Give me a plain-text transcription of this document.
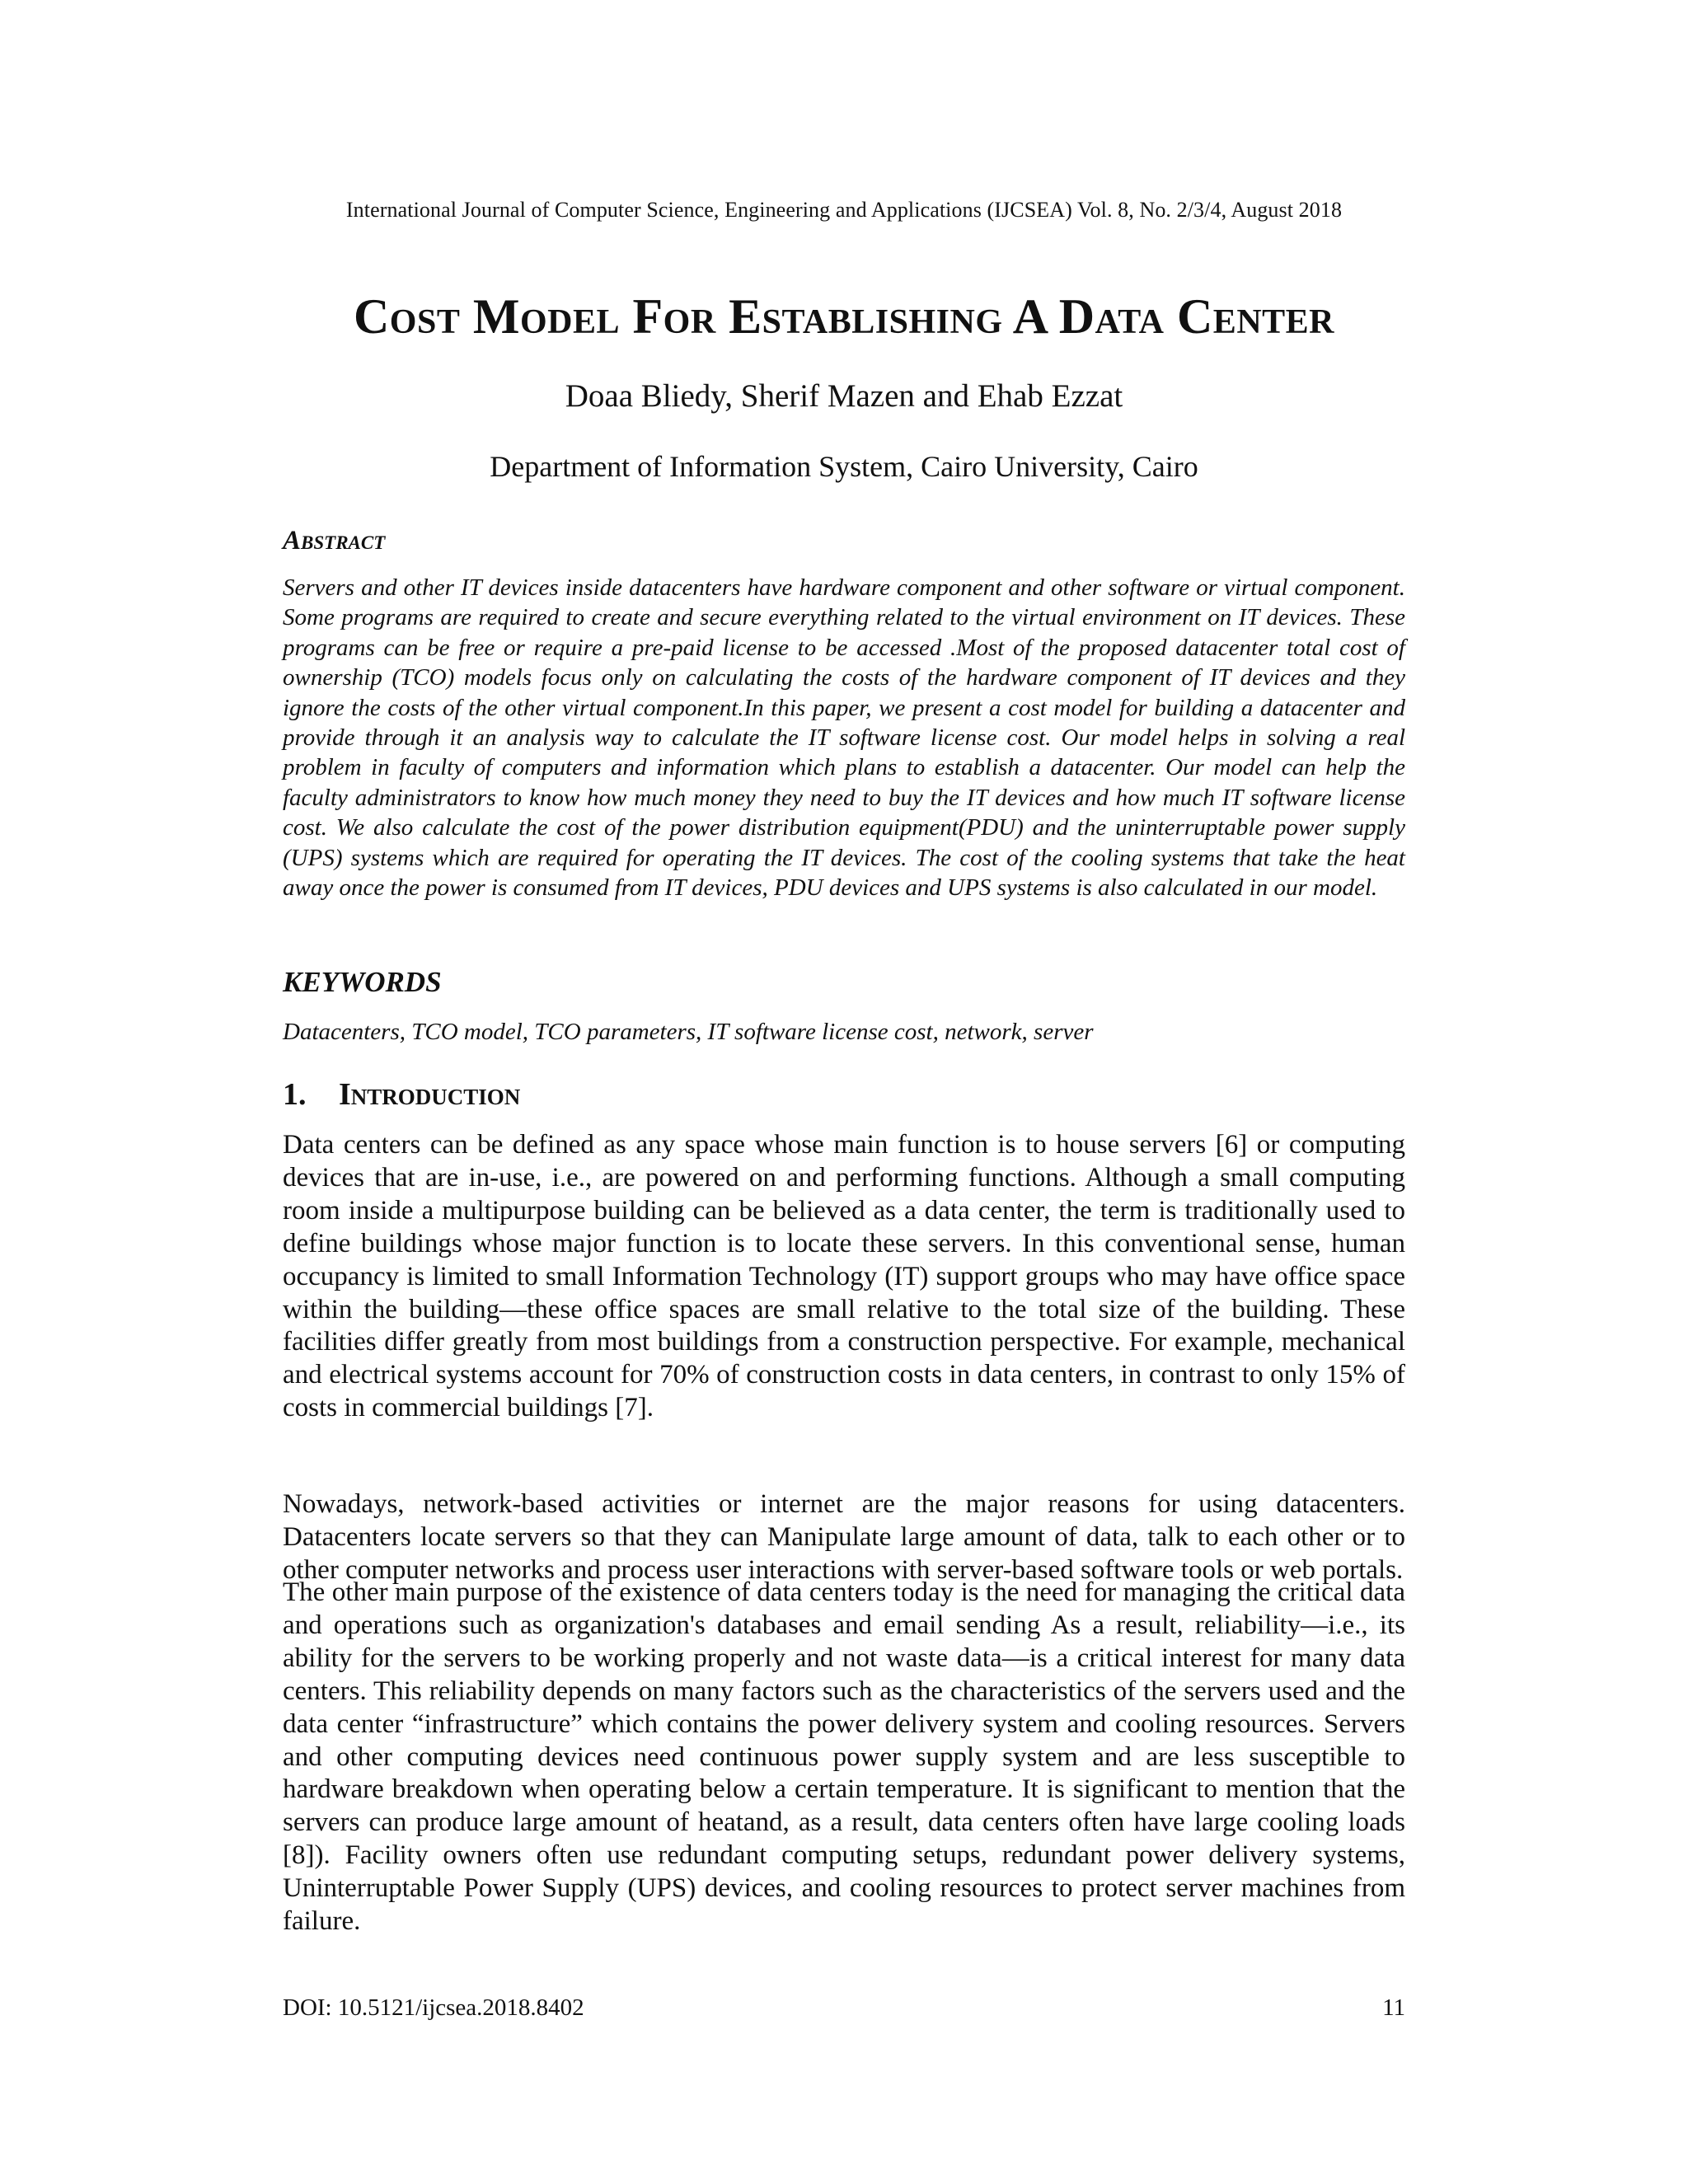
International Journal of Computer Science, Engineering and Applications (IJCSEA) Vol. 8, No. 2/3/4, August 2018
Cost Model For Establishing A Data Center
Doaa Bliedy, Sherif Mazen and Ehab Ezzat
Department of Information System, Cairo University, Cairo
Abstract

Servers and other IT devices inside datacenters have hardware component and other software or virtual component. Some programs are required to create and secure everything related to the virtual environment on IT devices. These programs can be free or require a pre-paid license to be accessed .Most of the proposed datacenter total cost of ownership (TCO) models focus only on calculating the costs of the hardware component of IT devices and they ignore the costs of the other virtual component.In this paper, we present a cost model for building a datacenter and provide through it an analysis way to calculate the IT software license cost. Our model helps in solving a real problem in faculty of computers and information which plans to establish a datacenter. Our model can help the faculty administrators to know how much money they need to buy the IT devices and how much IT software license cost. We also calculate the cost of the power distribution equipment(PDU) and the uninterruptable power supply (UPS) systems which are required for operating the IT devices. The cost of the cooling systems that take the heat away once the power is consumed from IT devices, PDU devices and UPS systems is also calculated in our model.

KEYWORDS

Datacenters, TCO model, TCO parameters, IT software license cost, network, server

1. Introduction

Data centers can be defined as any space whose main function is to house servers [6] or computing devices that are in-use, i.e., are powered on and performing functions. Although a small computing room inside a multipurpose building can be believed as a data center, the term is traditionally used to define buildings whose major function is to locate these servers. In this conventional sense, human occupancy is limited to small Information Technology (IT) support groups who may have office space within the building—these office spaces are small relative to the total size of the building. These facilities differ greatly from most buildings from a construction perspective. For example, mechanical and electrical systems account for 70% of construction costs in data centers, in contrast to only 15% of costs in commercial buildings [7].

Nowadays, network-based activities or internet are the major reasons for using datacenters. Datacenters locate servers so that they can Manipulate large amount of data, talk to each other or to other computer networks and process user interactions with server-based software tools or web portals.

The other main purpose of the existence of data centers today is the need for managing the critical data and operations such as organization's databases and email sending As a result, reliability—i.e., its ability for the servers to be working properly and not waste data—is a critical interest for many data centers. This reliability depends on many factors such as the characteristics of the servers used and the data center “infrastructure” which contains the power delivery system and cooling resources. Servers and other computing devices need continuous power supply system and are less susceptible to hardware breakdown when operating below a certain temperature. It is significant to mention that the servers can produce large amount of heatand, as a result, data centers often have large cooling loads [8]). Facility owners often use redundant computing setups, redundant power delivery systems, Uninterruptable Power Supply (UPS) devices, and cooling resources to protect server machines from failure.

DOI: 10.5121/ijcsea.2018.8402	11
